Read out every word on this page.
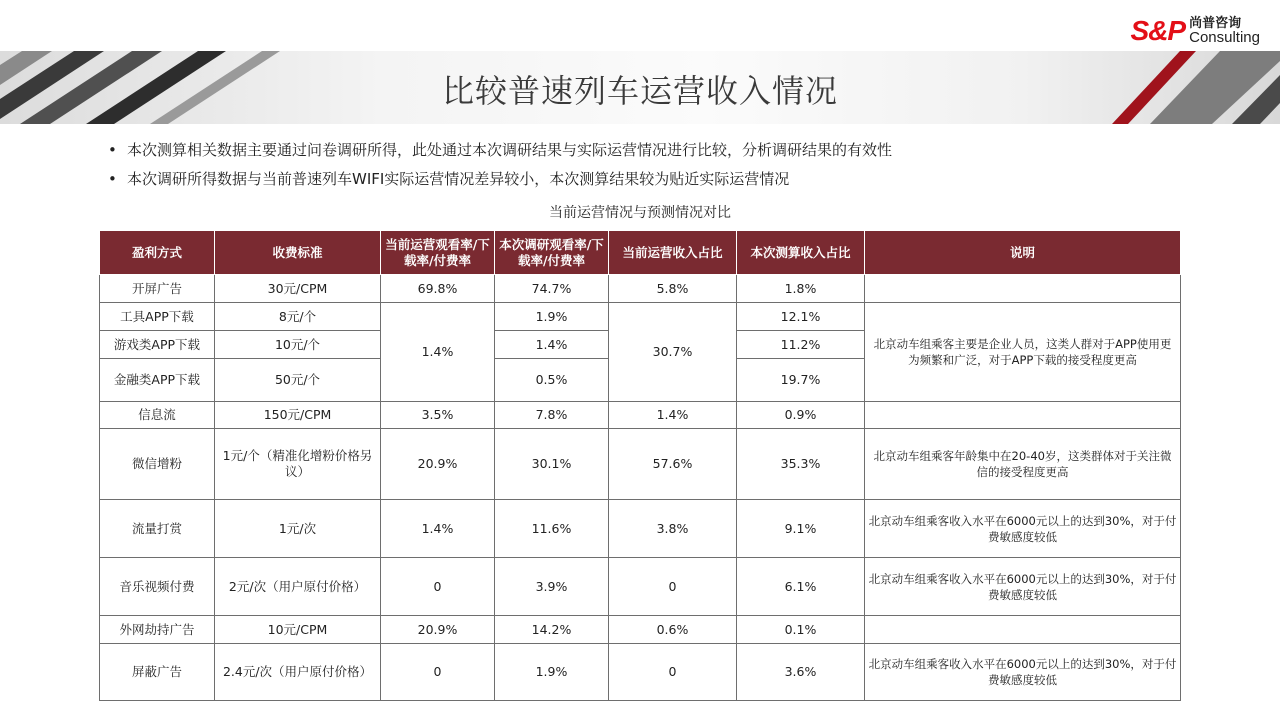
S&P 尚普咨询
Consulting
比较普速列车运营收入情况
• 本次测算相关数据主要通过问卷调研所得，此处通过本次调研结果与实际运营情况进行比较，分析调研结果的有效性
• 本次调研所得数据与当前普速列车WIFI实际运营情况差异较小，本次测算结果较为贴近实际运营情况
当前运营情况与预测情况对比
盈利方式	收费标准	当前运营观看率/下载率/付费率	本次调研观看率/下载率/付费率	当前运营收入占比	本次测算收入占比	说明
开屏广告	30元/CPM	69.8%	74.7%	5.8%	1.8%	
工具APP下载	8元/个	1.4%	1.9%	30.7%	12.1%	北京动车组乘客主要是企业人员，这类人群对于APP使用更为频繁和广泛，对于APP下载的接受程度更高
游戏类APP下载	10元/个		1.4%		11.2%	
金融类APP下载	50元/个		0.5%		19.7%	
信息流	150元/CPM	3.5%	7.8%	1.4%	0.9%	
微信增粉	1元/个（精准化增粉价格另议）	20.9%	30.1%	57.6%	35.3%	北京动车组乘客年龄集中在20-40岁，这类群体对于关注微信的接受程度更高
流量打赏	1元/次	1.4%	11.6%	3.8%	9.1%	北京动车组乘客收入水平在6000元以上的达到30%，对于付费敏感度较低
音乐视频付费	2元/次（用户原付价格）	0	3.9%	0	6.1%	北京动车组乘客收入水平在6000元以上的达到30%，对于付费敏感度较低
外网劫持广告	10元/CPM	20.9%	14.2%	0.6%	0.1%	
屏蔽广告	2.4元/次（用户原付价格）	0	1.9%	0	3.6%	北京动车组乘客收入水平在6000元以上的达到30%，对于付费敏感度较低
